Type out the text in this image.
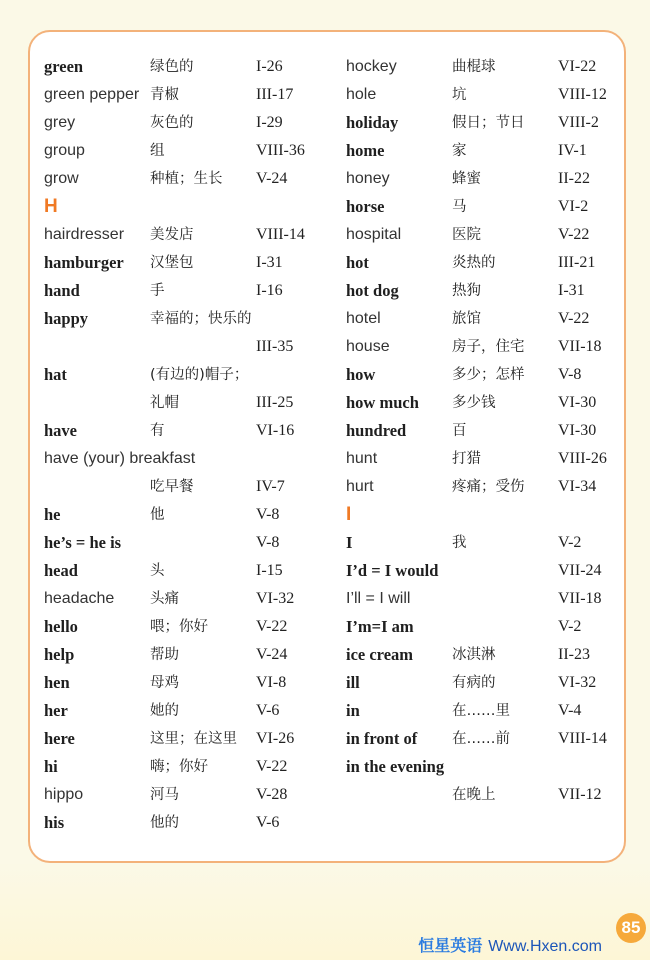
green	绿色的	I-26
green pepper 青椒	III-17
grey	灰色的	I-29
group	组	VIII-36
grow	种植；生长 V-24
H
hairdresser 美发店	VIII-14
hamburger 汉堡包	I-31
hand	手	I-16
happy	幸福的；快乐的
III-35
hat	(有边的)帽子；
礼帽	III-25
have	有	VI-16
have (your) breakfast
吃早餐	IV-7
he	他	V-8
he’s = he is	V-8
head	头	I-15
headache 头痛	VI-32
hello	喂；你好	V-22
help	帮助	V-24
hen	母鸡	VI-8
her	她的	V-6
here	这里；在这里 VI-26
hi	嗨；你好	V-22
hippo	河马	V-28
his	他的	V-6
hockey	曲棍球	VI-22
hole	坑	VIII-12
holiday	假日；节日 VIII-2
home	家	IV-1
honey	蜂蜜	II-22
horse	马	VI-2
hospital	医院	V-22
hot	炎热的	III-21
hot dog	热狗	I-31
hotel	旅馆	V-22
house	房子，住宅 VII-18
how	多少；怎样 V-8
how much 多少钱	VI-30
hundred	百	VI-30
hunt	打猎	VIII-26
hurt	疼痛；受伤 VI-34
I
I	我	V-2
I’d = I would	VII-24
I’ll = I will	VII-18
I’m=I am	V-2
ice cream	冰淇淋	II-23
ill	有病的	VI-32
in	在……里	V-4
in front of 在……前	VIII-14
in the evening
在晚上	VII-12
恒星英语 Www.Hxen.com
85
